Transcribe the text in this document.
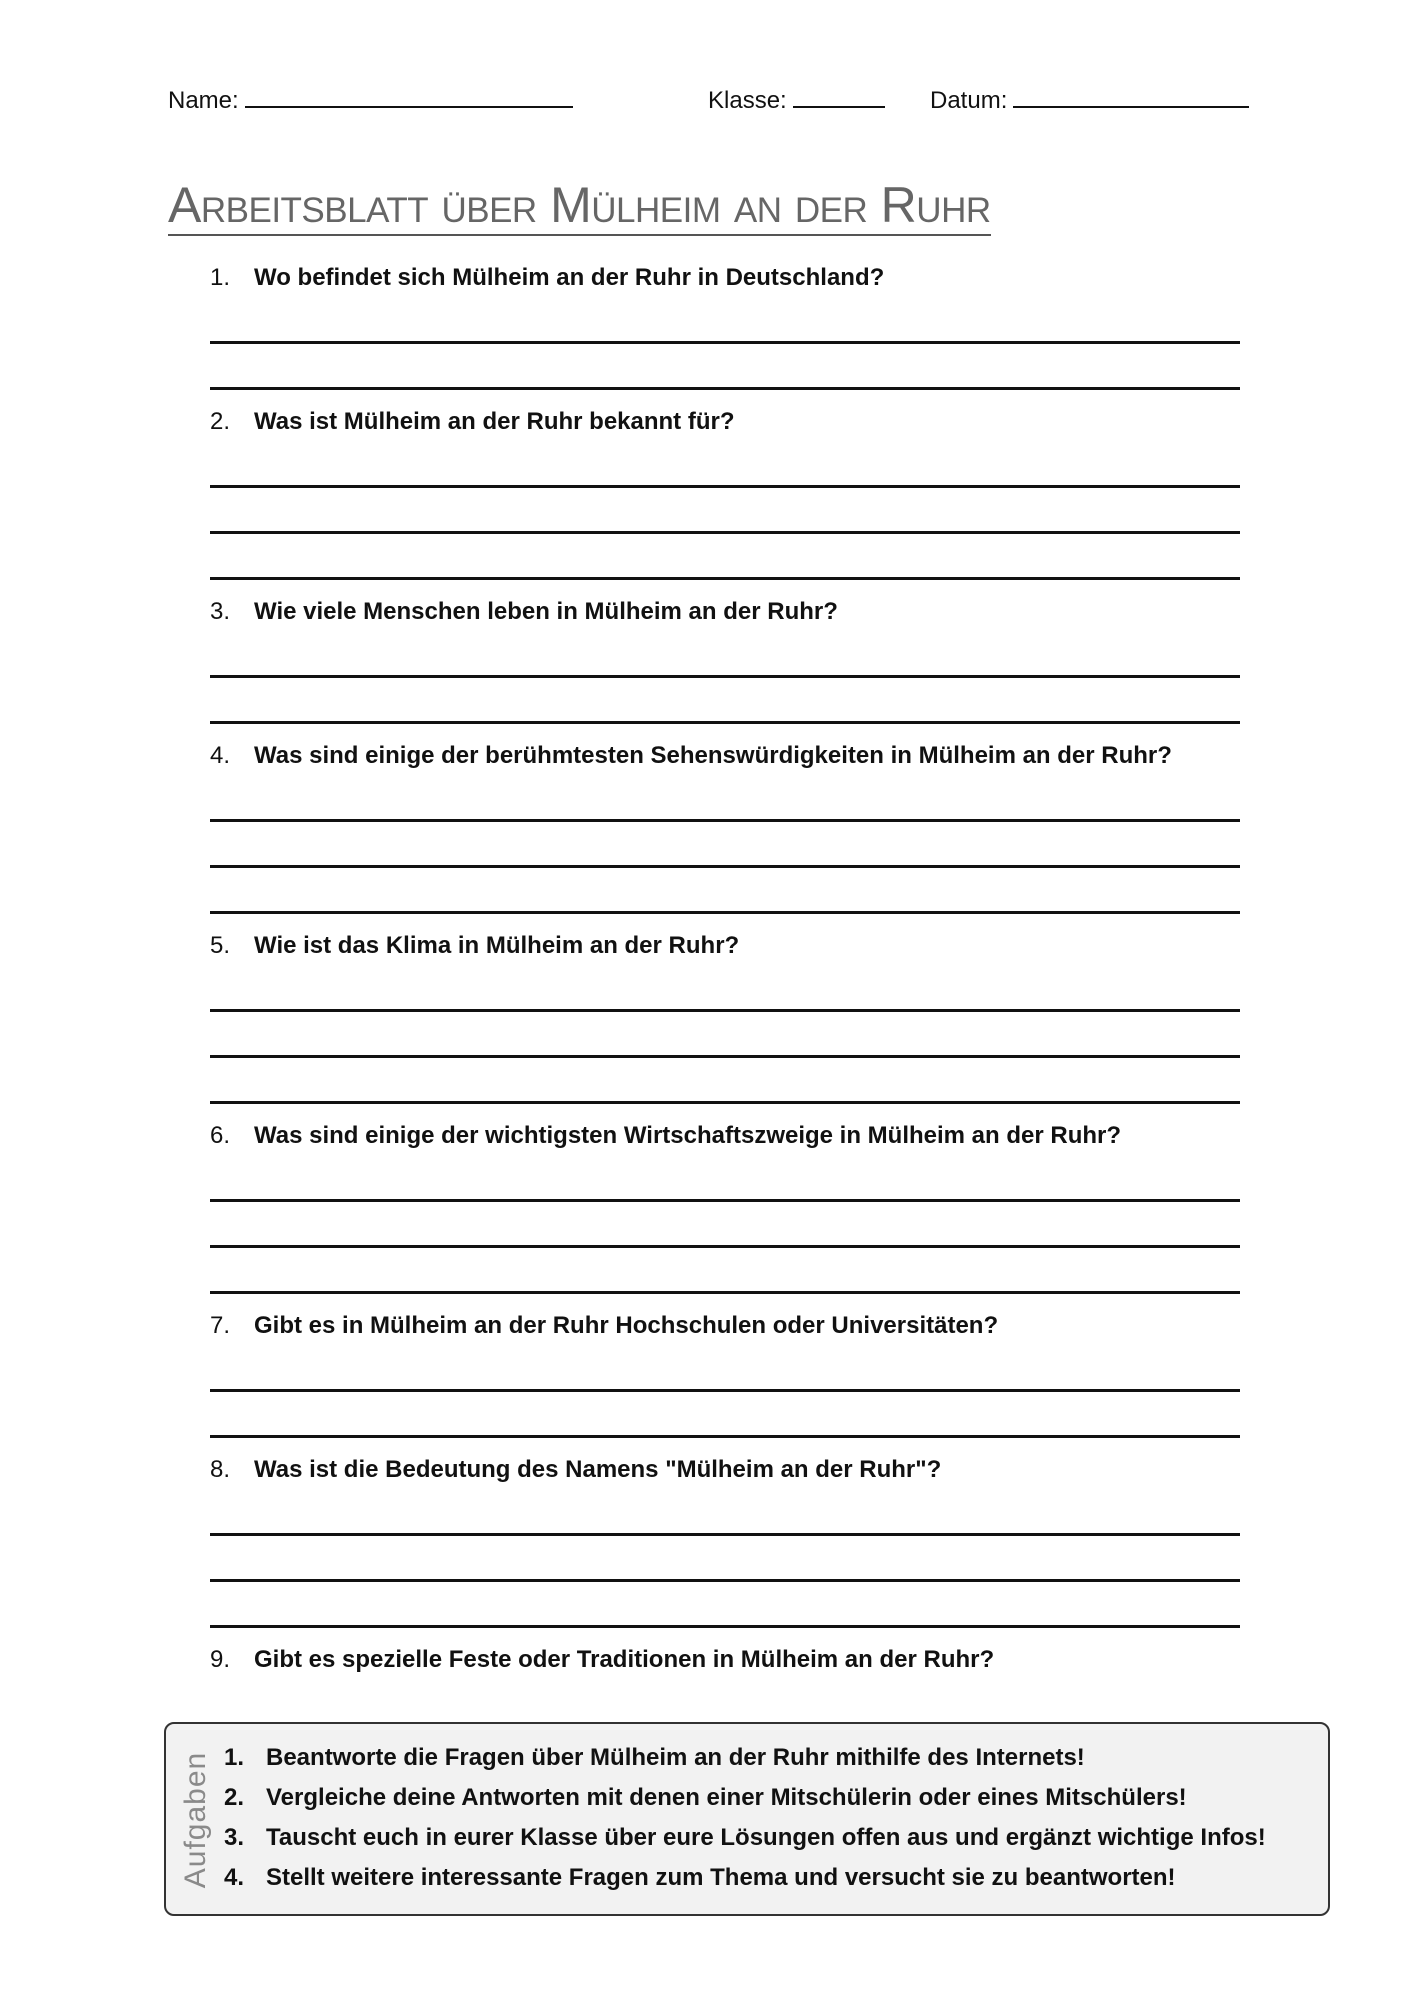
Name:	Klasse:	Datum:
Arbeitsblatt über Mülheim an der Ruhr
1. Wo befindet sich Mülheim an der Ruhr in Deutschland?
2. Was ist Mülheim an der Ruhr bekannt für?
3. Wie viele Menschen leben in Mülheim an der Ruhr?
4. Was sind einige der berühmtesten Sehenswürdigkeiten in Mülheim an der Ruhr?
5. Wie ist das Klima in Mülheim an der Ruhr?
6. Was sind einige der wichtigsten Wirtschaftszweige in Mülheim an der Ruhr?
7. Gibt es in Mülheim an der Ruhr Hochschulen oder Universitäten?
8. Was ist die Bedeutung des Namens "Mülheim an der Ruhr"?
9. Gibt es spezielle Feste oder Traditionen in Mülheim an der Ruhr?
Aufgaben 1. Beantworte die Fragen über Mülheim an der Ruhr mithilfe des Internets!
2. Vergleiche deine Antworten mit denen einer Mitschülerin oder eines Mitschülers!
3. Tauscht euch in eurer Klasse über eure Lösungen offen aus und ergänzt wichtige Infos!
4. Stellt weitere interessante Fragen zum Thema und versucht sie zu beantworten!
